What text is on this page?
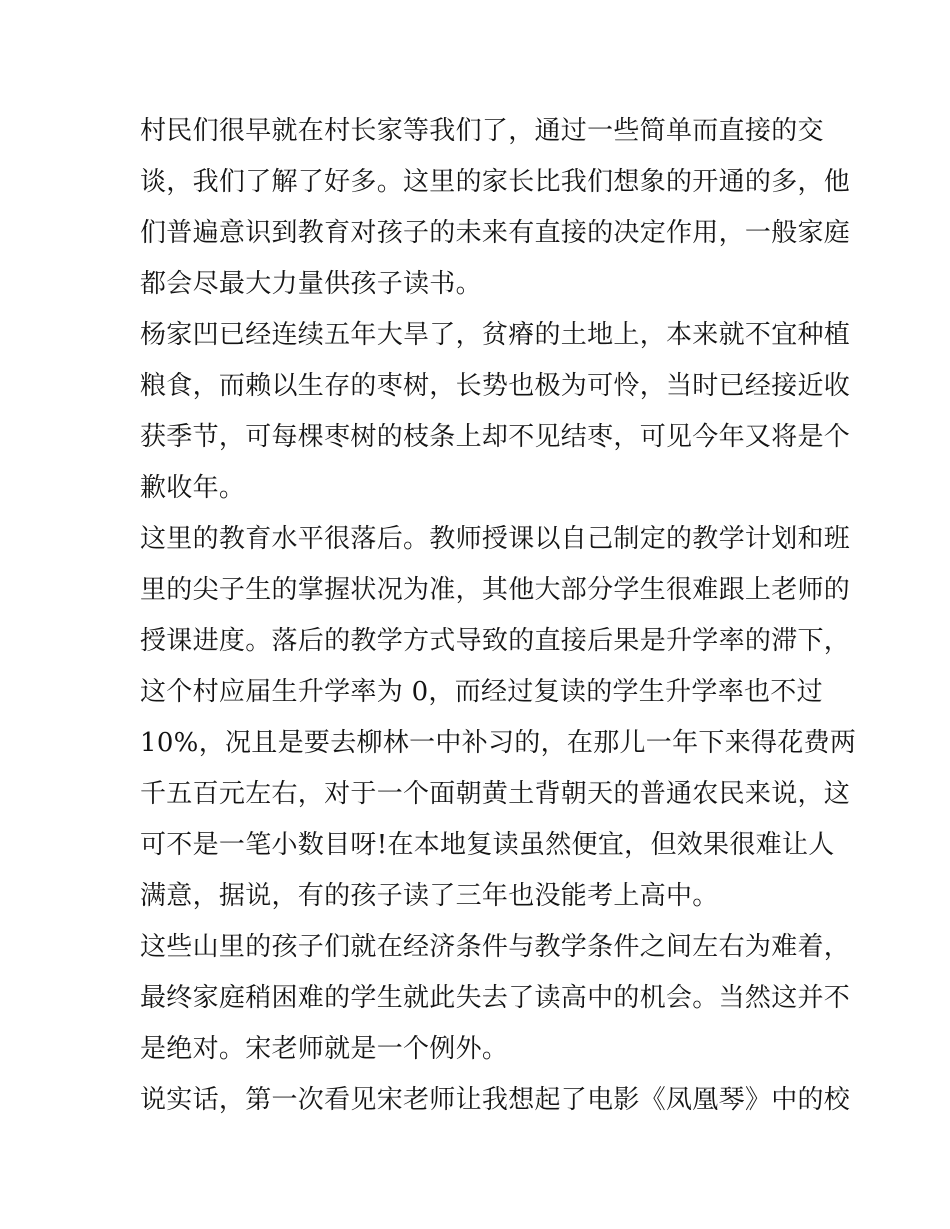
村民们很早就在村长家等我们了，通过一些简单而直接的交
谈，我们了解了好多。这里的家长比我们想象的开通的多，他
们普遍意识到教育对孩子的未来有直接的决定作用，一般家庭
都会尽最大力量供孩子读书。
杨家凹已经连续五年大旱了，贫瘠的土地上，本来就不宜种植
粮食，而赖以生存的枣树，长势也极为可怜，当时已经接近收
获季节，可每棵枣树的枝条上却不见结枣，可见今年又将是个
歉收年。
这里的教育水平很落后。教师授课以自己制定的教学计划和班
里的尖子生的掌握状况为准，其他大部分学生很难跟上老师的
授课进度。落后的教学方式导致的直接后果是升学率的滞下，
这个村应届生升学率为 0，而经过复读的学生升学率也不过
10%，况且是要去柳林一中补习的，在那儿一年下来得花费两
千五百元左右，对于一个面朝黄土背朝天的普通农民来说，这
可不是一笔小数目呀!在本地复读虽然便宜，但效果很难让人
满意，据说，有的孩子读了三年也没能考上高中。
这些山里的孩子们就在经济条件与教学条件之间左右为难着，
最终家庭稍困难的学生就此失去了读高中的机会。当然这并不
是绝对。宋老师就是一个例外。
说实话，第一次看见宋老师让我想起了电影《凤凰琴》中的校
